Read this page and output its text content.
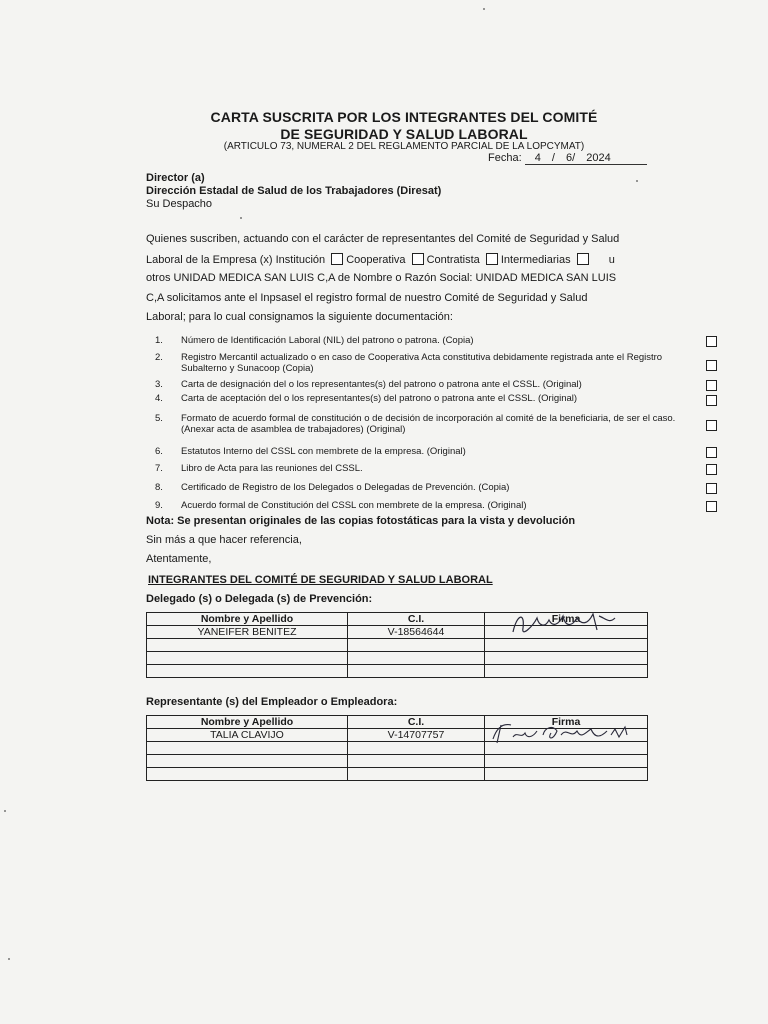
CARTA SUSCRITA POR LOS INTEGRANTES DEL COMITÉ
DE SEGURIDAD Y SALUD LABORAL
(ARTICULO 73, NUMERAL 2 DEL REGLAMENTO PARCIAL DE LA LOPCYMAT)
Fecha: 4 / 6/ 2024
Director (a)
Dirección Estadal de Salud de los Trabajadores (Diresat)
Su Despacho
Quienes suscriben, actuando con el carácter de representantes del Comité de Seguridad y Salud
Laboral de la Empresa (x) Institución Cooperativa Contratista Intermediarias	u
otros UNIDAD MEDICA SAN LUIS C,A de Nombre o Razón Social: UNIDAD MEDICA SAN LUIS
C,A solicitamos ante el Inpsasel el registro formal de nuestro Comité de Seguridad y Salud
Laboral; para lo cual consignamos la siguiente documentación:
1.	Número de Identificación Laboral (NIL) del patrono o patrona. (Copia)
2.	Registro Mercantil actualizado o en caso de Cooperativa Acta constitutiva debidamente registrada ante el Registro Subalterno y Sunacoop (Copia)
3.	Carta de designación del o los representantes(s) del patrono o patrona ante el CSSL. (Original)
4.	Carta de aceptación del o los representantes(s) del patrono o patrona ante el CSSL. (Original)
5.	Formato de acuerdo formal de constitución o de decisión de incorporación al comité de la beneficiaria, de ser el caso. (Anexar acta de asamblea de trabajadores) (Original)
6.	Estatutos Interno del CSSL con membrete de la empresa. (Original)
7.	Libro de Acta para las reuniones del CSSL.
8.	Certificado de Registro de los Delegados o Delegadas de Prevención. (Copia)
9.	Acuerdo formal de Constitución del CSSL con membrete de la empresa. (Original)
Nota: Se presentan originales de las copias fotostáticas para la vista y devolución
Sin más a que hacer referencia,
Atentamente,
INTEGRANTES DEL COMITÉ DE SEGURIDAD Y SALUD LABORAL
Delegado (s) o Delegada (s) de Prevención:
Nombre y Apellido	C.I.	Firma
YANEIFER BENITEZ	V-18564644	

Representante (s) del Empleador o Empleadora:
Nombre y Apellido	C.I.	Firma
TALIA CLAVIJO	V-14707757	
